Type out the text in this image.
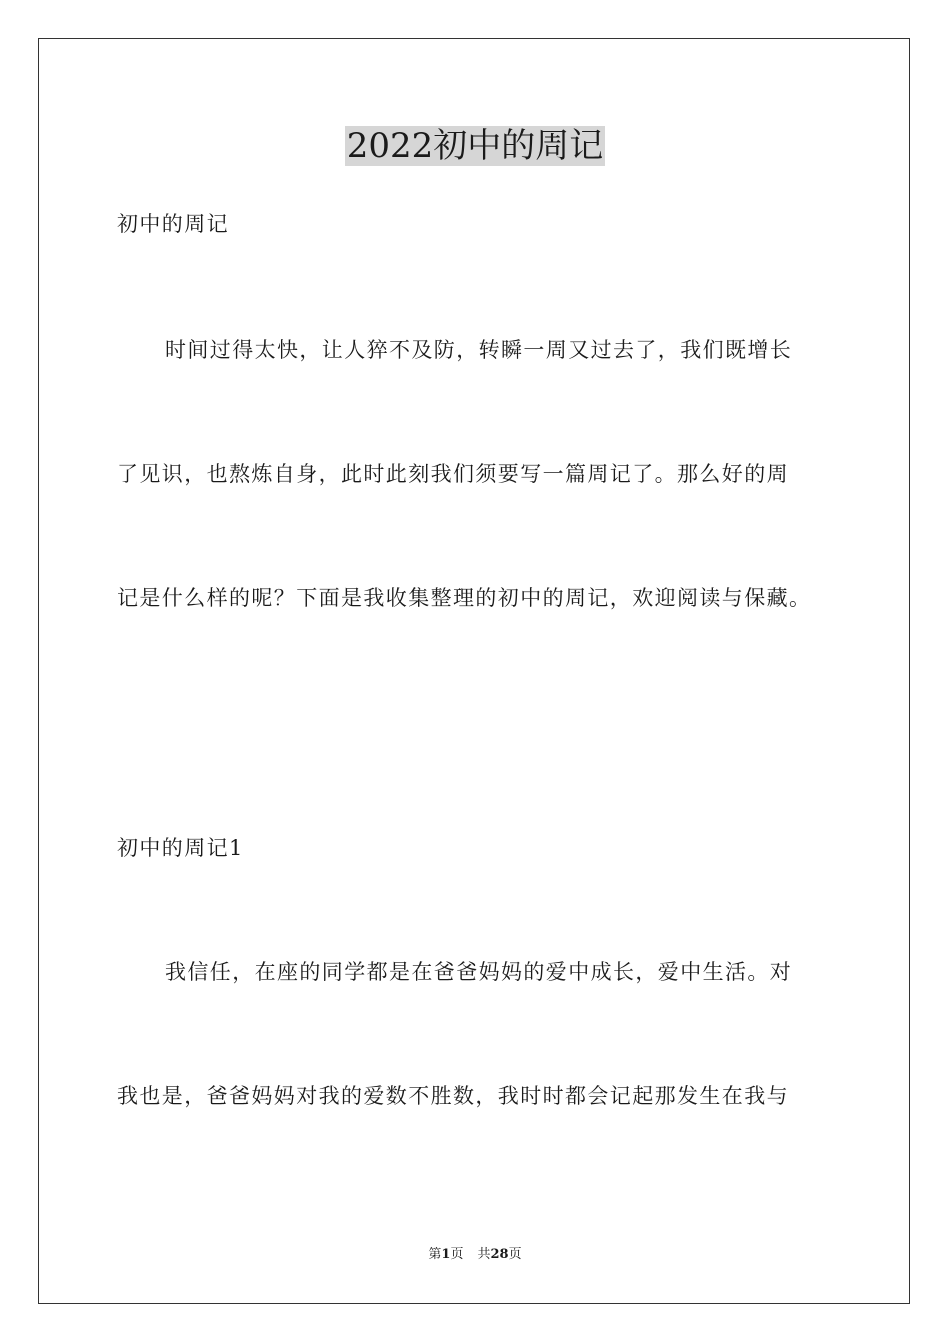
2022初中的周记
初中的周记
时间过得太快，让人猝不及防，转瞬一周又过去了，我们既增长
了见识，也熬炼自身，此时此刻我们须要写一篇周记了。那么好的周
记是什么样的呢？下面是我收集整理的初中的周记，欢迎阅读与保藏。
初中的周记1
我信任，在座的同学都是在爸爸妈妈的爱中成长，爱中生活。对
我也是，爸爸妈妈对我的爱数不胜数，我时时都会记起那发生在我与
第1页 共28页
